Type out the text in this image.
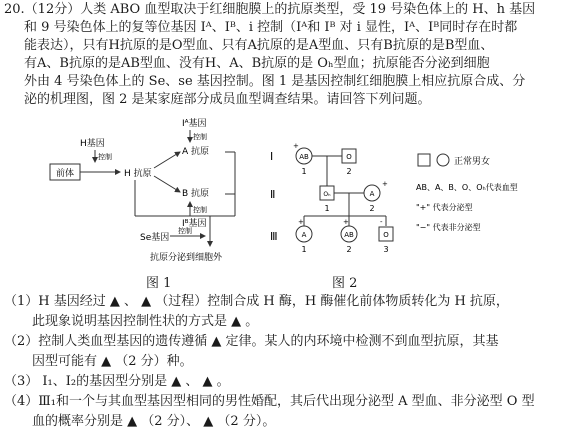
20.（12分）人类 ABO 血型取决于红细胞膜上的抗原类型，受 19 号染色体上的 H、h 基因
和 9 号染色体上的复等位基因 Iᴬ、Iᴮ、i 控制（Iᴬ和 Iᴮ 对 i 显性，Iᴬ、Iᴮ同时存在时都
能表达），只有H抗原的是O型血、只有A抗原的是A型血、只有B抗原的是B型血、
有A、B抗原的是AB型血、没有H、A、B抗原的是 Oₕ型血；抗原能否分泌到细胞
外由 4 号染色体上的 Se、se 基因控制。图 1 是基因控制红细胞膜上相应抗原合成、分
泌的机理图，图 2 是某家庭部分成员血型调查结果。请回答下列问题。
H基因
控制
前体	H 抗原
Iᴬ基因
控制
A 抗原
B 抗原
控制
Iᴮ基因
Se基因
控制
抗原分泌到细胞外
图 1
Ⅰ
Ⅱ
Ⅲ
AB
+
1
O
2
Oₕ
1
A
+
2
A
+
1
AB
+
2
O
-
3
正常男女
AB、A、B、O、Oₕ代表血型
"+" 代表分泌型
"−" 代表非分泌型
图 2
（1）H 基因经过 ▲ 、 ▲ （过程）控制合成 H 酶，H 酶催化前体物质转化为 H 抗原，
此现象说明基因控制性状的方式是 ▲ 。
（2）控制人类血型基因的遗传遵循 ▲ 定律。某人的内环境中检测不到血型抗原，其基
因型可能有 ▲ （2 分）种。
（3） I₁、I₂的基因型分别是 ▲ 、 ▲ 。
（4）Ⅲ₁和一个与其血型基因型相同的男性婚配，其后代出现分泌型 A 型血、非分泌型 O 型
血的概率分别是 ▲ （2 分）、 ▲ （2 分）。
